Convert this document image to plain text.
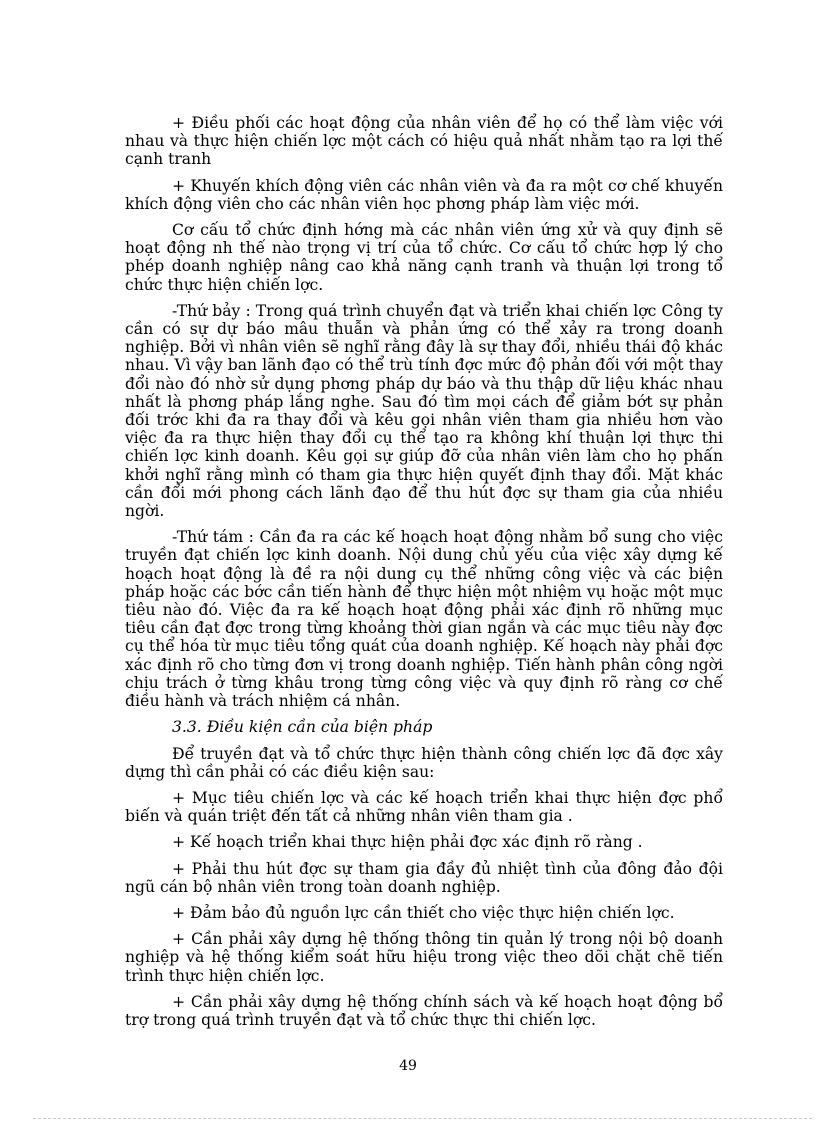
+ Điều phối các hoạt động của nhân viên để họ có thể làm việc với nhau và thực hiện chiến lợc một cách có hiệu quả nhất nhằm tạo ra lợi thế cạnh tranh

+ Khuyến khích động viên các nhân viên và đa ra một cơ chế khuyến khích động viên cho các nhân viên học phơng pháp làm việc mới.

Cơ cấu tổ chức định hớng mà các nhân viên ứng xử và quy định sẽ hoạt động nh thế nào trọng vị trí của tổ chức. Cơ cấu tổ chức hợp lý cho phép doanh nghiệp nâng cao khả năng cạnh tranh và thuận lợi trong tổ chức thực hiện chiến lợc.

-Thứ bảy : Trong quá trình chuyển đạt và triển khai chiến lợc Công ty cần có sự dự báo mâu thuẫn và phản ứng có thể xảy ra trong doanh nghiệp. Bởi vì nhân viên sẽ nghĩ rằng đây là sự thay đổi, nhiều thái độ khác nhau. Vì vậy ban lãnh đạo có thể trù tính đợc mức độ phản đối với một thay đổi nào đó nhờ sử dụng phơng pháp dự báo và thu thập dữ liệu khác nhau nhất là phơng pháp lắng nghe. Sau đó tìm mọi cách để giảm bớt sự phản đối trớc khi đa ra thay đổi và kêu gọi nhân viên tham gia nhiều hơn vào việc đa ra thực hiện thay đổi cụ thể tạo ra không khí thuận lợi thực thi chiến lợc kinh doanh. Kêu gọi sự giúp đỡ của nhân viên làm cho họ phấn khởi nghĩ rằng mình có tham gia thực hiện quyết định thay đổi. Mặt khác cần đổi mới phong cách lãnh đạo để thu hút đợc sự tham gia của nhiều ngời.

-Thứ tám : Cần đa ra các kế hoạch hoạt động nhằm bổ sung cho việc truyền đạt chiến lợc kinh doanh. Nội dung chủ yếu của việc xây dựng kế hoạch hoạt động là đề ra nội dung cụ thể những công việc và các biện pháp hoặc các bớc cần tiến hành để thực hiện một nhiệm vụ hoặc một mục tiêu nào đó. Việc đa ra kế hoạch hoạt động phải xác định rõ những mục tiêu cần đạt đợc trong từng khoảng thời gian ngắn và các mục tiêu này đợc cụ thể hóa từ mục tiêu tổng quát của doanh nghiệp. Kế hoạch này phải đợc xác định rõ cho từng đơn vị trong doanh nghiệp. Tiến hành phân công ngời chịu trách ở từng khâu trong từng công việc và quy định rõ ràng cơ chế điều hành và trách nhiệm cá nhân.

3.3. Điều kiện cần của biện pháp

Để truyền đạt và tổ chức thực hiện thành công chiến lợc đã đợc xây dựng thì cần phải có các điều kiện sau:

+ Mục tiêu chiến lợc và các kế hoạch triển khai thực hiện đợc phổ biến và quán triệt đến tất cả những nhân viên tham gia .

+ Kế hoạch triển khai thực hiện phải đợc xác định rõ ràng .

+ Phải thu hút đợc sự tham gia đầy đủ nhiệt tình của đông đảo đội ngũ cán bộ nhân viên trong toàn doanh nghiệp.

+ Đảm bảo đủ nguồn lực cần thiết cho việc thực hiện chiến lợc.

+ Cần phải xây dựng hệ thống thông tin quản lý trong nội bộ doanh nghiệp và hệ thống kiểm soát hữu hiệu trong việc theo dõi chặt chẽ tiến trình thực hiện chiến lợc.

+ Cần phải xây dựng hệ thống chính sách và kế hoạch hoạt động bổ trợ trong quá trình truyền đạt và tổ chức thực thi chiến lợc.

49
